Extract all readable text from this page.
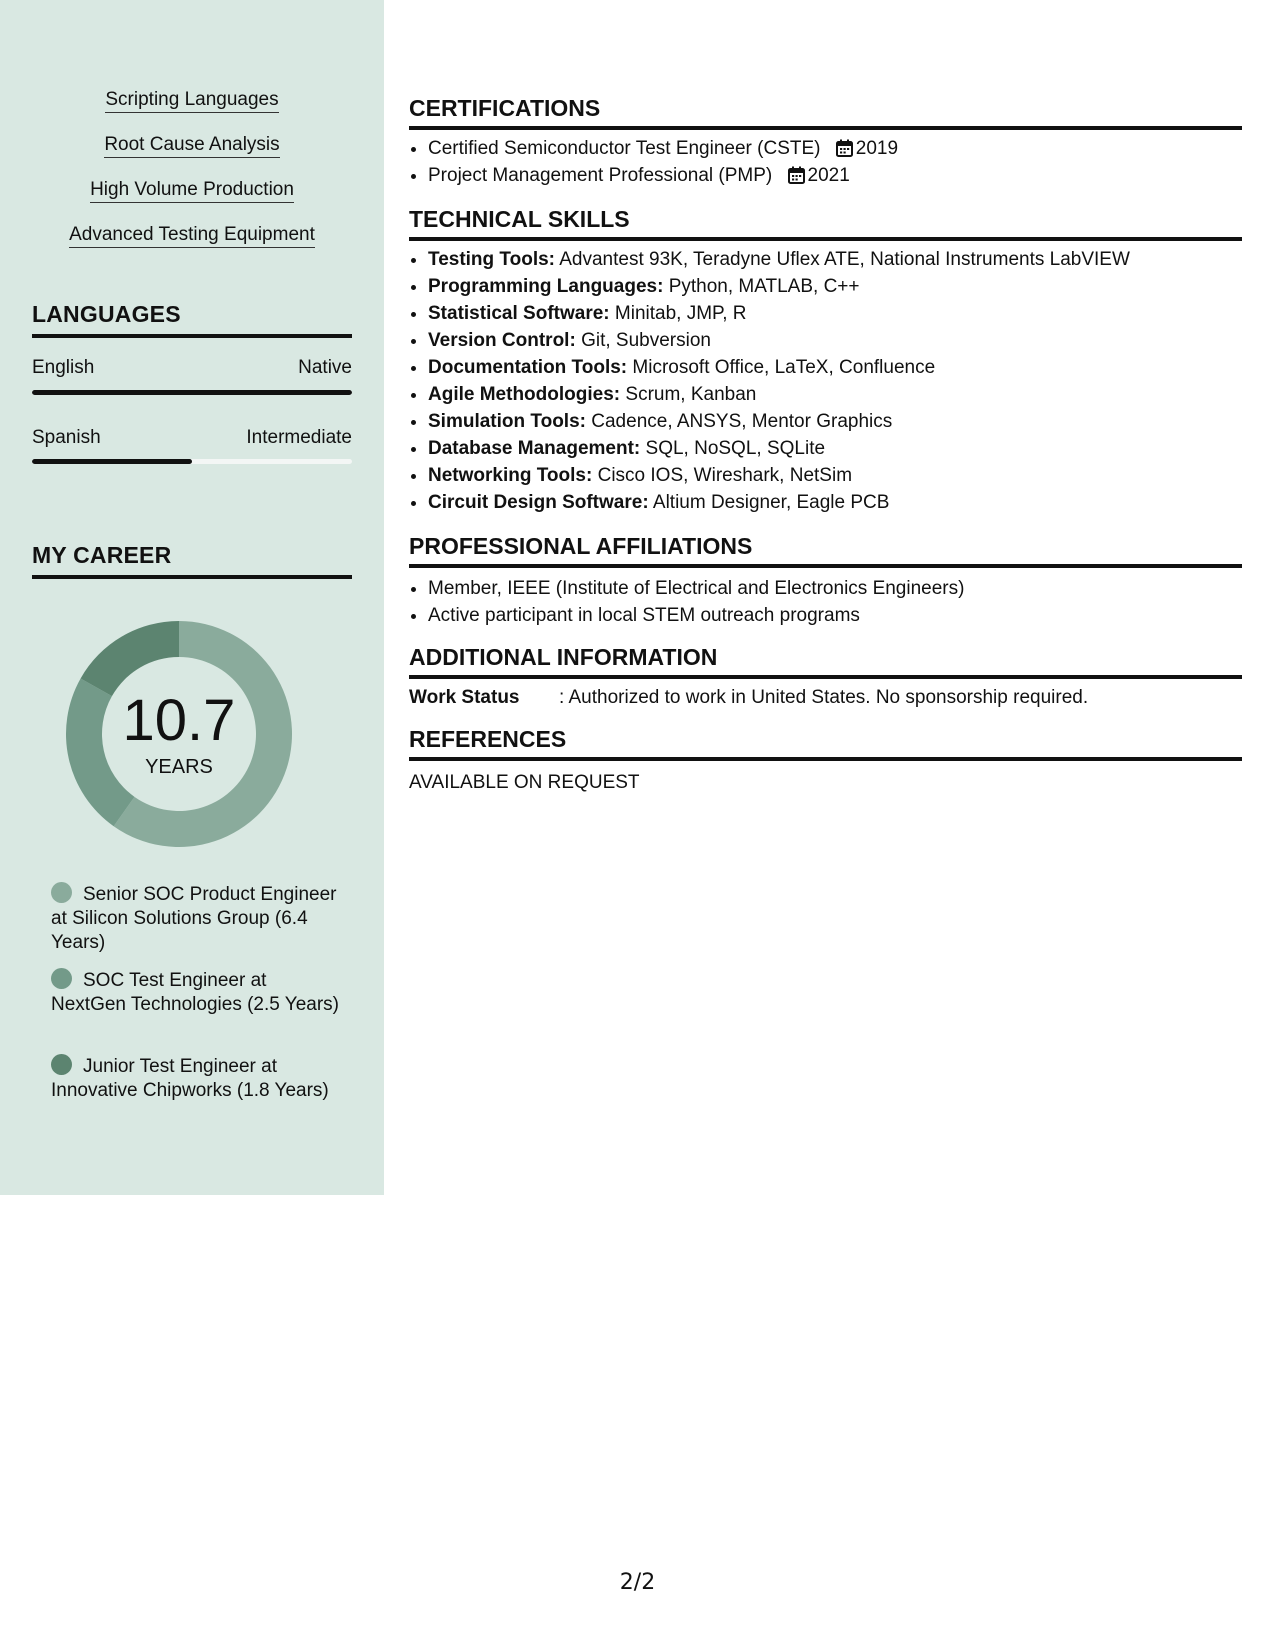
Scripting Languages
Root Cause Analysis
High Volume Production
Advanced Testing Equipment
LANGUAGES
English	Native
Spanish	Intermediate
MY CAREER
10.7
YEARS
Senior SOC Product Engineer at Silicon Solutions Group (6.4 Years)
SOC Test Engineer at NextGen Technologies (2.5 Years)
Junior Test Engineer at Innovative Chipworks (1.8 Years)
CERTIFICATIONS
• Certified Semiconductor Test Engineer (CSTE) 2019
• Project Management Professional (PMP) 2021
TECHNICAL SKILLS
• Testing Tools: Advantest 93K, Teradyne Uflex ATE, National Instruments LabVIEW
• Programming Languages: Python, MATLAB, C++
• Statistical Software: Minitab, JMP, R
• Version Control: Git, Subversion
• Documentation Tools: Microsoft Office, LaTeX, Confluence
• Agile Methodologies: Scrum, Kanban
• Simulation Tools: Cadence, ANSYS, Mentor Graphics
• Database Management: SQL, NoSQL, SQLite
• Networking Tools: Cisco IOS, Wireshark, NetSim
• Circuit Design Software: Altium Designer, Eagle PCB
PROFESSIONAL AFFILIATIONS
• Member, IEEE (Institute of Electrical and Electronics Engineers)
• Active participant in local STEM outreach programs
ADDITIONAL INFORMATION
Work Status : Authorized to work in United States. No sponsorship required.
REFERENCES
AVAILABLE ON REQUEST
2/2
